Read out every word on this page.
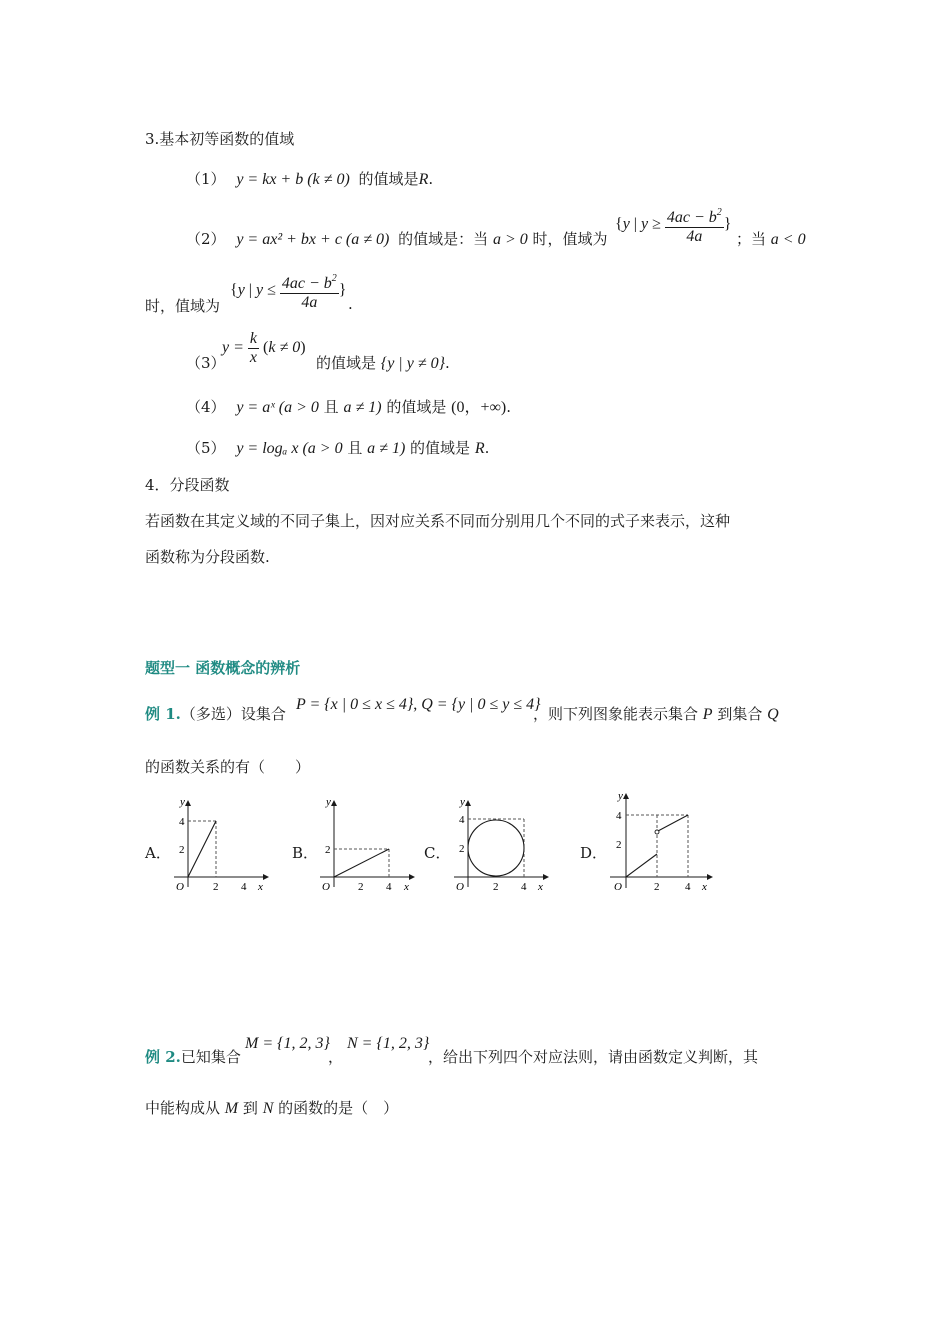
3.基本初等函数的值域
（1） y = kx + b (k ≠ 0) 的值域是R.
（2） y = ax² + bx + c (a ≠ 0) 的值域是：当 a > 0 时，值域为
{y | $y \ge \frac{4ac - b^2}{4a}$ }
；当 a < 0
时，值域为
{y | $y \le \frac{4ac - b^2}{4a}$ }
.
（3）
$y = \frac{k}{x} (k \ne 0)$
的值域是 {y | y ≠ 0}.
（4） y = aˣ (a > 0 且 a ≠ 1) 的值域是 (0，+∞).
（5） y = logₐ x (a > 0 且 a ≠ 1) 的值域是 R.
4．分段函数
若函数在其定义域的不同子集上，因对应关系不同而分别用几个不同的式子来表示，这种
函数称为分段函数.
题型一 函数概念的辨析
例 1.（多选）设集合
P = {x | 0 ≤ x ≤ 4}, Q = {y | 0 ≤ y ≤ 4}
，则下列图象能表示集合 P 到集合 Q
的函数关系的有（　　）
A．	B．	C．	D．
y
x
O
4
2
2 4
y
x
O
2
2 4
y
x
O
4
2
2 4
y
x
O
4
2
2 4
例 2.已知集合
M = {1, 2, 3}
，
N = {1, 2, 3}
，给出下列四个对应法则，请由函数定义判断，其
中能构成从 M 到 N 的函数的是（　）
